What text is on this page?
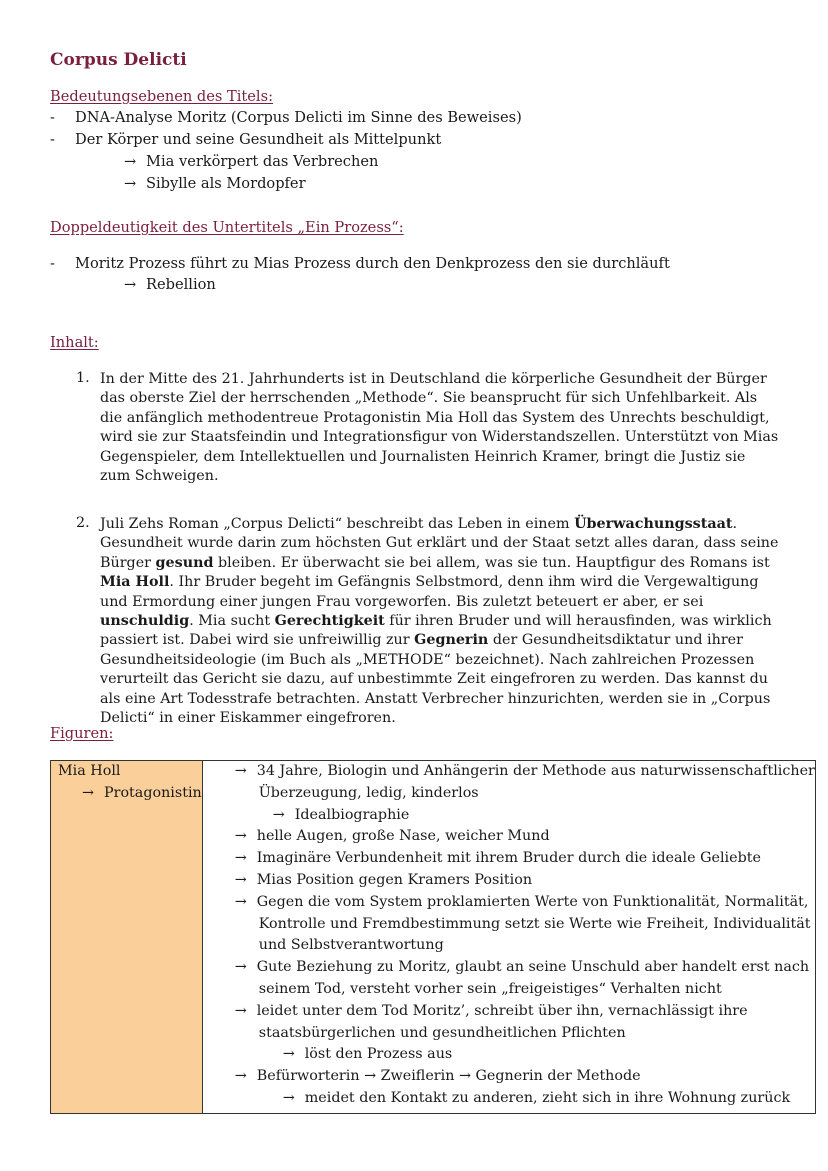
Corpus Delicti
Bedeutungsebenen des Titels:
- DNA-Analyse Moritz (Corpus Delicti im Sinne des Beweises)
- Der Körper und seine Gesundheit als Mittelpunkt
→ Mia verkörpert das Verbrechen
→ Sibylle als Mordopfer
Doppeldeutigkeit des Untertitels „Ein Prozess“:
- Moritz Prozess führt zu Mias Prozess durch den Denkprozess den sie durchläuft
→ Rebellion
Inhalt:
1. In der Mitte des 21. Jahrhunderts ist in Deutschland die körperliche Gesundheit der Bürger das oberste Ziel der herrschenden „Methode“. Sie beansprucht für sich Unfehlbarkeit. Als die anfänglich methodentreue Protagonistin Mia Holl das System des Unrechts beschuldigt, wird sie zur Staatsfeindin und Integrationsfigur von Widerstandszellen. Unterstützt von Mias Gegenspieler, dem Intellektuellen und Journalisten Heinrich Kramer, bringt die Justiz sie zum Schweigen.
2. Juli Zehs Roman „Corpus Delicti“ beschreibt das Leben in einem Überwachungsstaat. Gesundheit wurde darin zum höchsten Gut erklärt und der Staat setzt alles daran, dass seine Bürger gesund bleiben. Er überwacht sie bei allem, was sie tun. Hauptfigur des Romans ist Mia Holl. Ihr Bruder begeht im Gefängnis Selbstmord, denn ihm wird die Vergewaltigung und Ermordung einer jungen Frau vorgeworfen. Bis zuletzt beteuert er aber, er sei unschuldig. Mia sucht Gerechtigkeit für ihren Bruder und will herausfinden, was wirklich passiert ist. Dabei wird sie unfreiwillig zur Gegnerin der Gesundheitsdiktatur und ihrer Gesundheitsideologie (im Buch als „METHODE“ bezeichnet). Nach zahlreichen Prozessen verurteilt das Gericht sie dazu, auf unbestimmte Zeit eingefroren zu werden. Das kannst du als eine Art Todesstrafe betrachten. Anstatt Verbrecher hinzurichten, werden sie in „Corpus Delicti“ in einer Eiskammer eingefroren.
Figuren:
Mia Holl
→ Protagonistin

→ 34 Jahre, Biologin und Anhängerin der Methode aus naturwissenschaftlicher
Überzeugung, ledig, kinderlos
→ Idealbiographie
→ helle Augen, große Nase, weicher Mund
→ Imaginäre Verbundenheit mit ihrem Bruder durch die ideale Geliebte
→ Mias Position gegen Kramers Position
→ Gegen die vom System proklamierten Werte von Funktionalität, Normalität,
Kontrolle und Fremdbestimmung setzt sie Werte wie Freiheit, Individualität
und Selbstverantwortung
→ Gute Beziehung zu Moritz, glaubt an seine Unschuld aber handelt erst nach
seinem Tod, versteht vorher sein „freigeistiges“ Verhalten nicht
→ leidet unter dem Tod Moritz’, schreibt über ihn, vernachlässigt ihre
staatsbürgerlichen und gesundheitlichen Pflichten
→ löst den Prozess aus
→ Befürworterin → Zweiflerin → Gegnerin der Methode
→ meidet den Kontakt zu anderen, zieht sich in ihre Wohnung zurück
